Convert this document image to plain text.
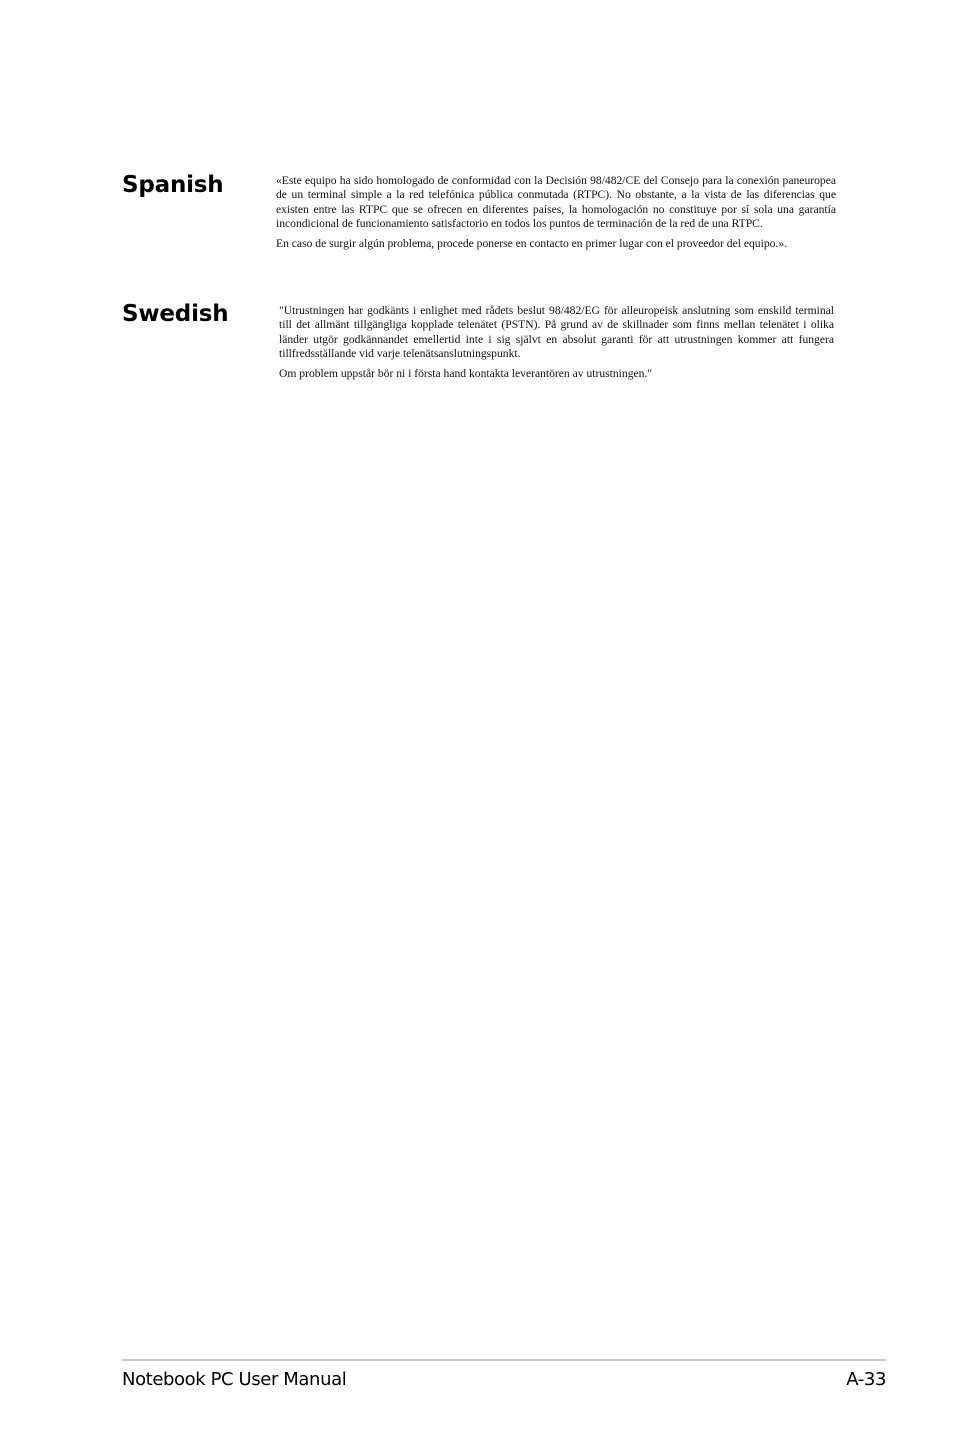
Spanish	«Este equipo ha sido homologado de conformidad con la Decisión 98/482/CE del Consejo para la conexión paneuropea de un terminal simple a la red telefónica pública conmutada (RTPC). No obstante, a la vista de las diferencias que existen entre las RTPC que se ofrecen en diferentes países, la homologación no constituye por sí sola una garantía incondicional de funcionamiento satisfactorio en todos los puntos de terminación de la red de una RTPC.

En caso de surgir algún problema, procede ponerse en contacto en primer lugar con el proveedor del equipo.».

Swedish	"Utrustningen har godkänts i enlighet med rådets beslut 98/482/EG för alleuropeisk anslutning som enskild terminal till det allmänt tillgängliga kopplade telenätet (PSTN). På grund av de skillnader som finns mellan telenätet i olika länder utgör godkännandet emellertid inte i sig självt en absolut garanti för att utrustningen kommer att fungera tillfredsställande vid varje telenätsanslutningspunkt.

Om problem uppstår bör ni i första hand kontakta leverantören av utrustningen."

Notebook PC User Manual	A-33
